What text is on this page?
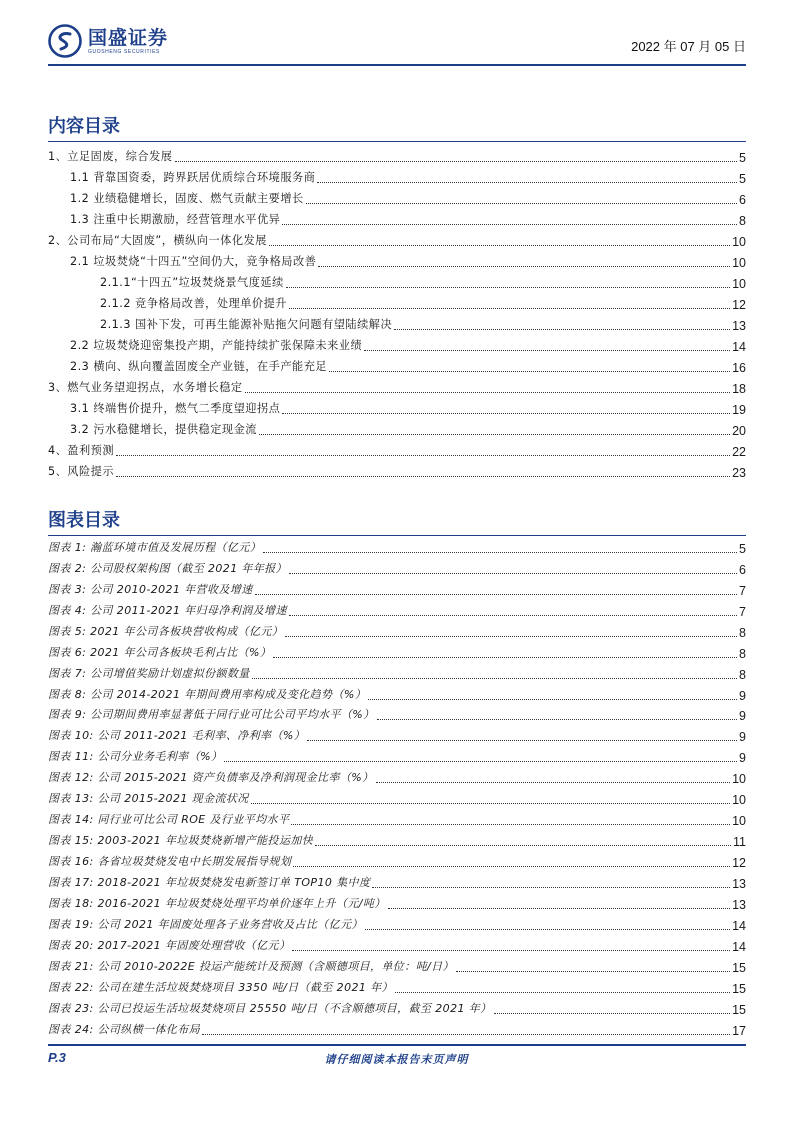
国盛证券
GUOSHENG SECURITIES	2022 年 07 月 05 日
内容目录
1、立足固废，综合发展	5
1.1 背靠国资委，跨界跃居优质综合环境服务商	5
1.2 业绩稳健增长，固废、燃气贡献主要增长	6
1.3 注重中长期激励，经营管理水平优异	8
2、公司布局“大固废”，横纵向一体化发展	10
2.1 垃圾焚烧“十四五”空间仍大，竞争格局改善	10
2.1.1“十四五”垃圾焚烧景气度延续	10
2.1.2 竞争格局改善，处理单价提升	12
2.1.3 国补下发，可再生能源补贴拖欠问题有望陆续解决	13
2.2 垃圾焚烧迎密集投产期，产能持续扩张保障未来业绩	14
2.3 横向、纵向覆盖固废全产业链，在手产能充足	16
3、燃气业务望迎拐点，水务增长稳定	18
3.1 终端售价提升，燃气二季度望迎拐点	19
3.2 污水稳健增长，提供稳定现金流	20
4、盈利预测	22
5、风险提示	23
图表目录
图表 1: 瀚蓝环境市值及发展历程（亿元）	5
图表 2: 公司股权架构图（截至 2021 年年报）	6
图表 3: 公司 2010-2021 年营收及增速	7
图表 4: 公司 2011-2021 年归母净利润及增速	7
图表 5: 2021 年公司各板块营收构成（亿元）	8
图表 6: 2021 年公司各板块毛利占比（%）	8
图表 7: 公司增值奖励计划虚拟份额数量	8
图表 8: 公司 2014-2021 年期间费用率构成及变化趋势（%）	9
图表 9: 公司期间费用率显著低于同行业可比公司平均水平（%）	9
图表 10: 公司 2011-2021 毛利率、净利率（%）	9
图表 11: 公司分业务毛利率（%）	9
图表 12: 公司 2015-2021 资产负债率及净利润现金比率（%）	10
图表 13: 公司 2015-2021 现金流状况	10
图表 14: 同行业可比公司 ROE 及行业平均水平	10
图表 15: 2003-2021 年垃圾焚烧新增产能投运加快	11
图表 16: 各省垃圾焚烧发电中长期发展指导规划	12
图表 17: 2018-2021 年垃圾焚烧发电新签订单 TOP10 集中度	13
图表 18: 2016-2021 年垃圾焚烧处理平均单价逐年上升（元/吨）	13
图表 19: 公司 2021 年固废处理各子业务营收及占比（亿元）	14
图表 20: 2017-2021 年固废处理营收（亿元）	14
图表 21: 公司 2010-2022E 投运产能统计及预测（含顺德项目，单位：吨/日）	15
图表 22: 公司在建生活垃圾焚烧项目 3350 吨/日（截至 2021 年）	15
图表 23: 公司已投运生活垃圾焚烧项目 25550 吨/日（不含顺德项目，截至 2021 年）	15
图表 24: 公司纵横一体化布局	17
P.3	请仔细阅读本报告末页声明
